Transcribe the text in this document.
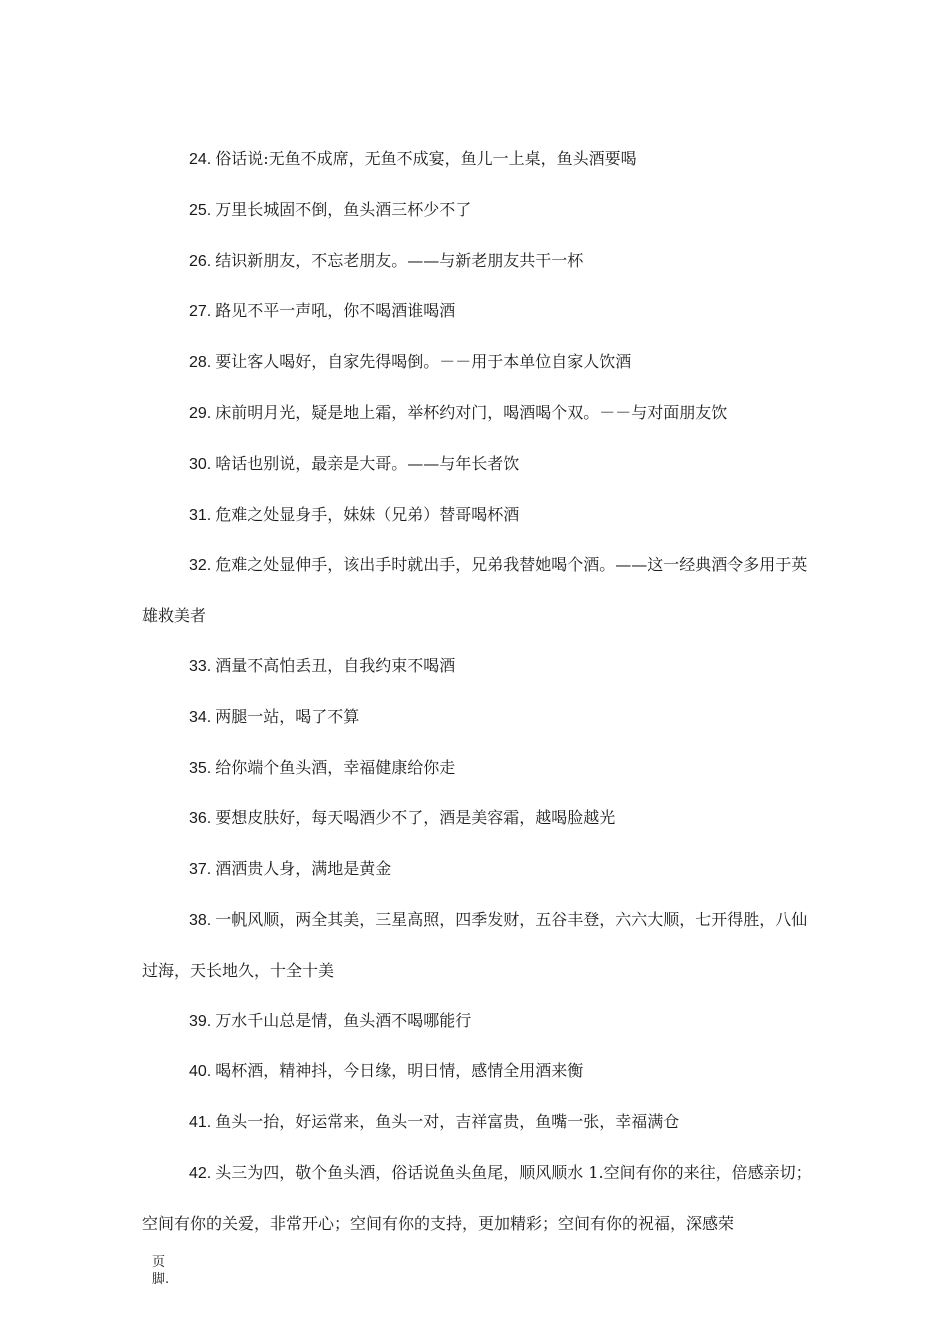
24. 俗话说:无鱼不成席，无鱼不成宴，鱼儿一上桌，鱼头酒要喝

25. 万里长城固不倒，鱼头酒三杯少不了

26. 结识新朋友，不忘老朋友。——与新老朋友共干一杯

27. 路见不平一声吼，你不喝酒谁喝酒

28. 要让客人喝好，自家先得喝倒。－－用于本单位自家人饮酒

29. 床前明月光，疑是地上霜，举杯约对门，喝酒喝个双。－－与对面朋友饮

30. 啥话也别说，最亲是大哥。——与年长者饮

31. 危难之处显身手，妹妹（兄弟）替哥喝杯酒

32. 危难之处显伸手，该出手时就出手，兄弟我替她喝个酒。——这一经典酒令多用于英雄救美者

33. 酒量不高怕丢丑，自我约束不喝酒

34. 两腿一站，喝了不算

35. 给你端个鱼头酒，幸福健康给你走

36. 要想皮肤好，每天喝酒少不了，酒是美容霜，越喝脸越光

37. 酒洒贵人身，满地是黄金

38. 一帆风顺，两全其美，三星高照，四季发财，五谷丰登，六六大顺，七开得胜，八仙过海，天长地久，十全十美

39. 万水千山总是情，鱼头酒不喝哪能行

40. 喝杯酒，精神抖，今日缘，明日情，感情全用酒来衡

41. 鱼头一抬，好运常来，鱼头一对，吉祥富贵，鱼嘴一张，幸福满仓

42. 头三为四，敬个鱼头酒，俗话说鱼头鱼尾，顺风顺水 1.空间有你的来往，倍感亲切；空间有你的关爱，非常开心；空间有你的支持，更加精彩；空间有你的祝福，深感荣

页
脚.
